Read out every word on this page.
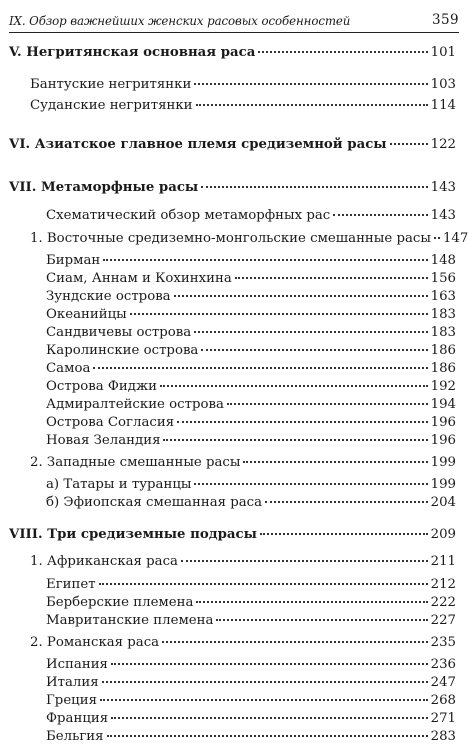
IX. Обзор важнейших женских расовых особенностей	359
V. Негритянская основная раса	101
Бантуские негритянки	103
Суданские негритянки	114
VI. Азиатское главное племя средиземной расы	122
VII. Метаморфные расы	143
Схематический обзор метаморфных рас	143
1. Восточные средиземно-монгольские смешанные расы 147
Бирман	148
Сиам, Аннам и Кохинхина	156
Зундские острова	163
Океанийцы	183
Сандвичевы острова	183
Каролинские острова	186
Самоа	186
Острова Фиджи	192
Адмиралтейские острова	194
Острова Согласия	196
Новая Зеландия	196
2. Западные смешанные расы	199
а) Татары и туранцы	199
б) Эфиопская смешанная раса	204
VIII. Три средиземные подрасы	209
1. Африканская раса	211
Египет	212
Берберские племена	222
Мавританские племена	227
2. Романская раса	235
Испания	236
Италия	247
Греция	268
Франция	271
Бельгия	283
